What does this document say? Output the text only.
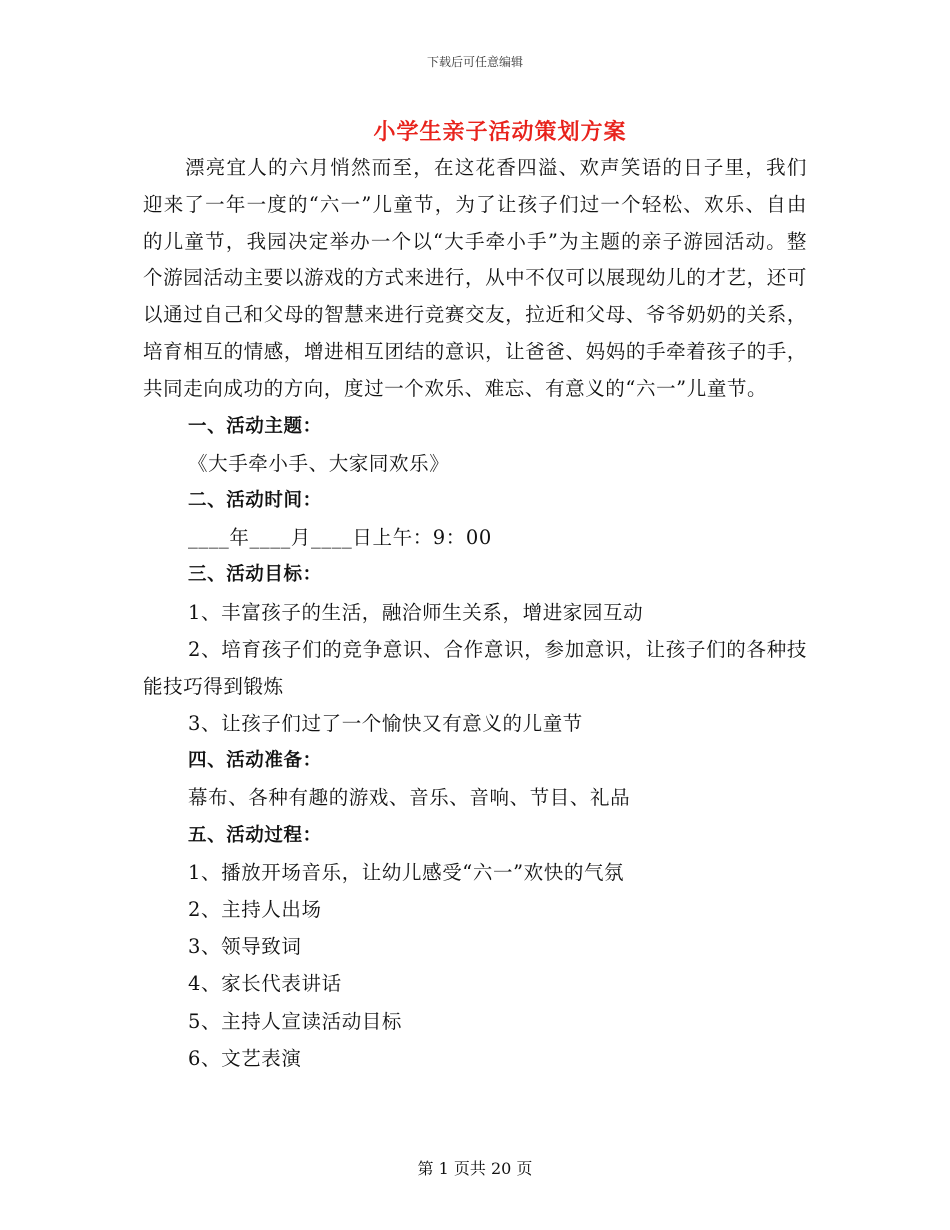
下载后可任意编辑
小学生亲子活动策划方案

漂亮宜人的六月悄然而至，在这花香四溢、欢声笑语的日子里，我们迎来了一年一度的“六一”儿童节，为了让孩子们过一个轻松、欢乐、自由的儿童节，我园决定举办一个以“大手牵小手”为主题的亲子游园活动。整个游园活动主要以游戏的方式来进行，从中不仅可以展现幼儿的才艺，还可以通过自己和父母的智慧来进行竞赛交友，拉近和父母、爷爷奶奶的关系，培育相互的情感，增进相互团结的意识，让爸爸、妈妈的手牵着孩子的手，共同走向成功的方向，度过一个欢乐、难忘、有意义的“六一”儿童节。

一、活动主题：

《大手牵小手、大家同欢乐》

二、活动时间：

____年____月____日上午：9：00

三、活动目标：

1、丰富孩子的生活，融洽师生关系，增进家园互动

2、培育孩子们的竞争意识、合作意识，参加意识，让孩子们的各种技能技巧得到锻炼

3、让孩子们过了一个愉快又有意义的儿童节

四、活动准备：

幕布、各种有趣的游戏、音乐、音响、节目、礼品

五、活动过程：

1、播放开场音乐，让幼儿感受“六一”欢快的气氛

2、主持人出场

3、领导致词

4、家长代表讲话

5、主持人宣读活动目标

6、文艺表演

第 1 页共 20 页
